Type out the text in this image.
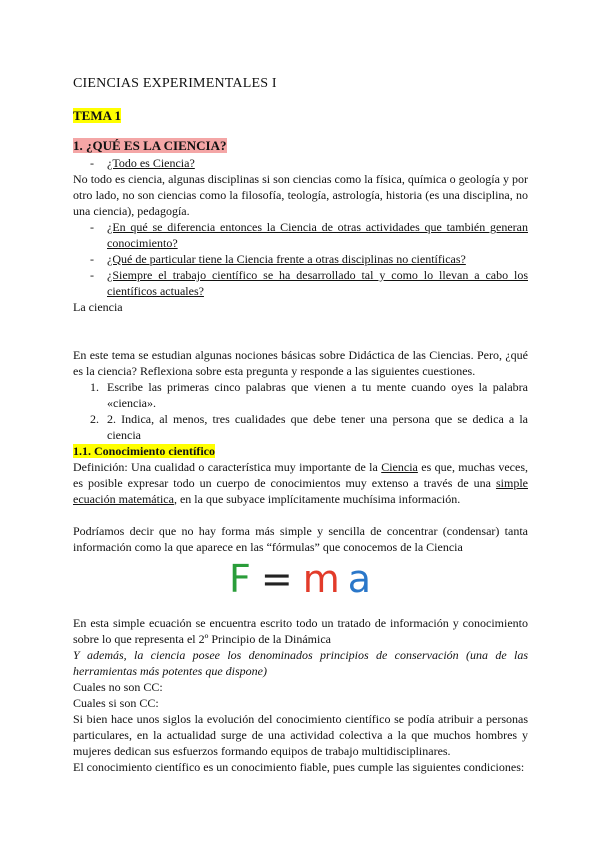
CIENCIAS EXPERIMENTALES I
TEMA 1
1. ¿QUÉ ES LA CIENCIA?
-	¿Todo es Ciencia?
No todo es ciencia, algunas disciplinas si son ciencias como la física, química o geología y por otro lado, no son ciencias como la filosofía, teología, astrología, historia (es una disciplina, no una ciencia), pedagogía.
-	¿En qué se diferencia entonces la Ciencia de otras actividades que también generan conocimiento?
-	¿Qué de particular tiene la Ciencia frente a otras disciplinas no científicas?
-	¿Siempre el trabajo científico se ha desarrollado tal y como lo llevan a cabo los científicos actuales?
La ciencia
En este tema se estudian algunas nociones básicas sobre Didáctica de las Ciencias. Pero, ¿qué es la ciencia? Reflexiona sobre esta pregunta y responde a las siguientes cuestiones.
1. Escribe las primeras cinco palabras que vienen a tu mente cuando oyes la palabra «ciencia».
2. 2. Indica, al menos, tres cualidades que debe tener una persona que se dedica a la ciencia
1.1. Conocimiento científico
Definición: Una cualidad o característica muy importante de la Ciencia es que, muchas veces, es posible expresar todo un cuerpo de conocimientos muy extenso a través de una simple ecuación matemática, en la que subyace implícitamente muchísima información.
Podríamos decir que no hay forma más simple y sencilla de concentrar (condensar) tanta información como la que aparece en las “fórmulas” que conocemos de la Ciencia
F = m a
En esta simple ecuación se encuentra escrito todo un tratado de información y conocimiento sobre lo que representa el 2º Principio de la Dinámica
Y además, la ciencia posee los denominados principios de conservación (una de las herramientas más potentes que dispone)
Cuales no son CC:
Cuales si son CC:
Si bien hace unos siglos la evolución del conocimiento científico se podía atribuir a personas particulares, en la actualidad surge de una actividad colectiva a la que muchos hombres y mujeres dedican sus esfuerzos formando equipos de trabajo multidisciplinares.
El conocimiento científico es un conocimiento fiable, pues cumple las siguientes condiciones:
